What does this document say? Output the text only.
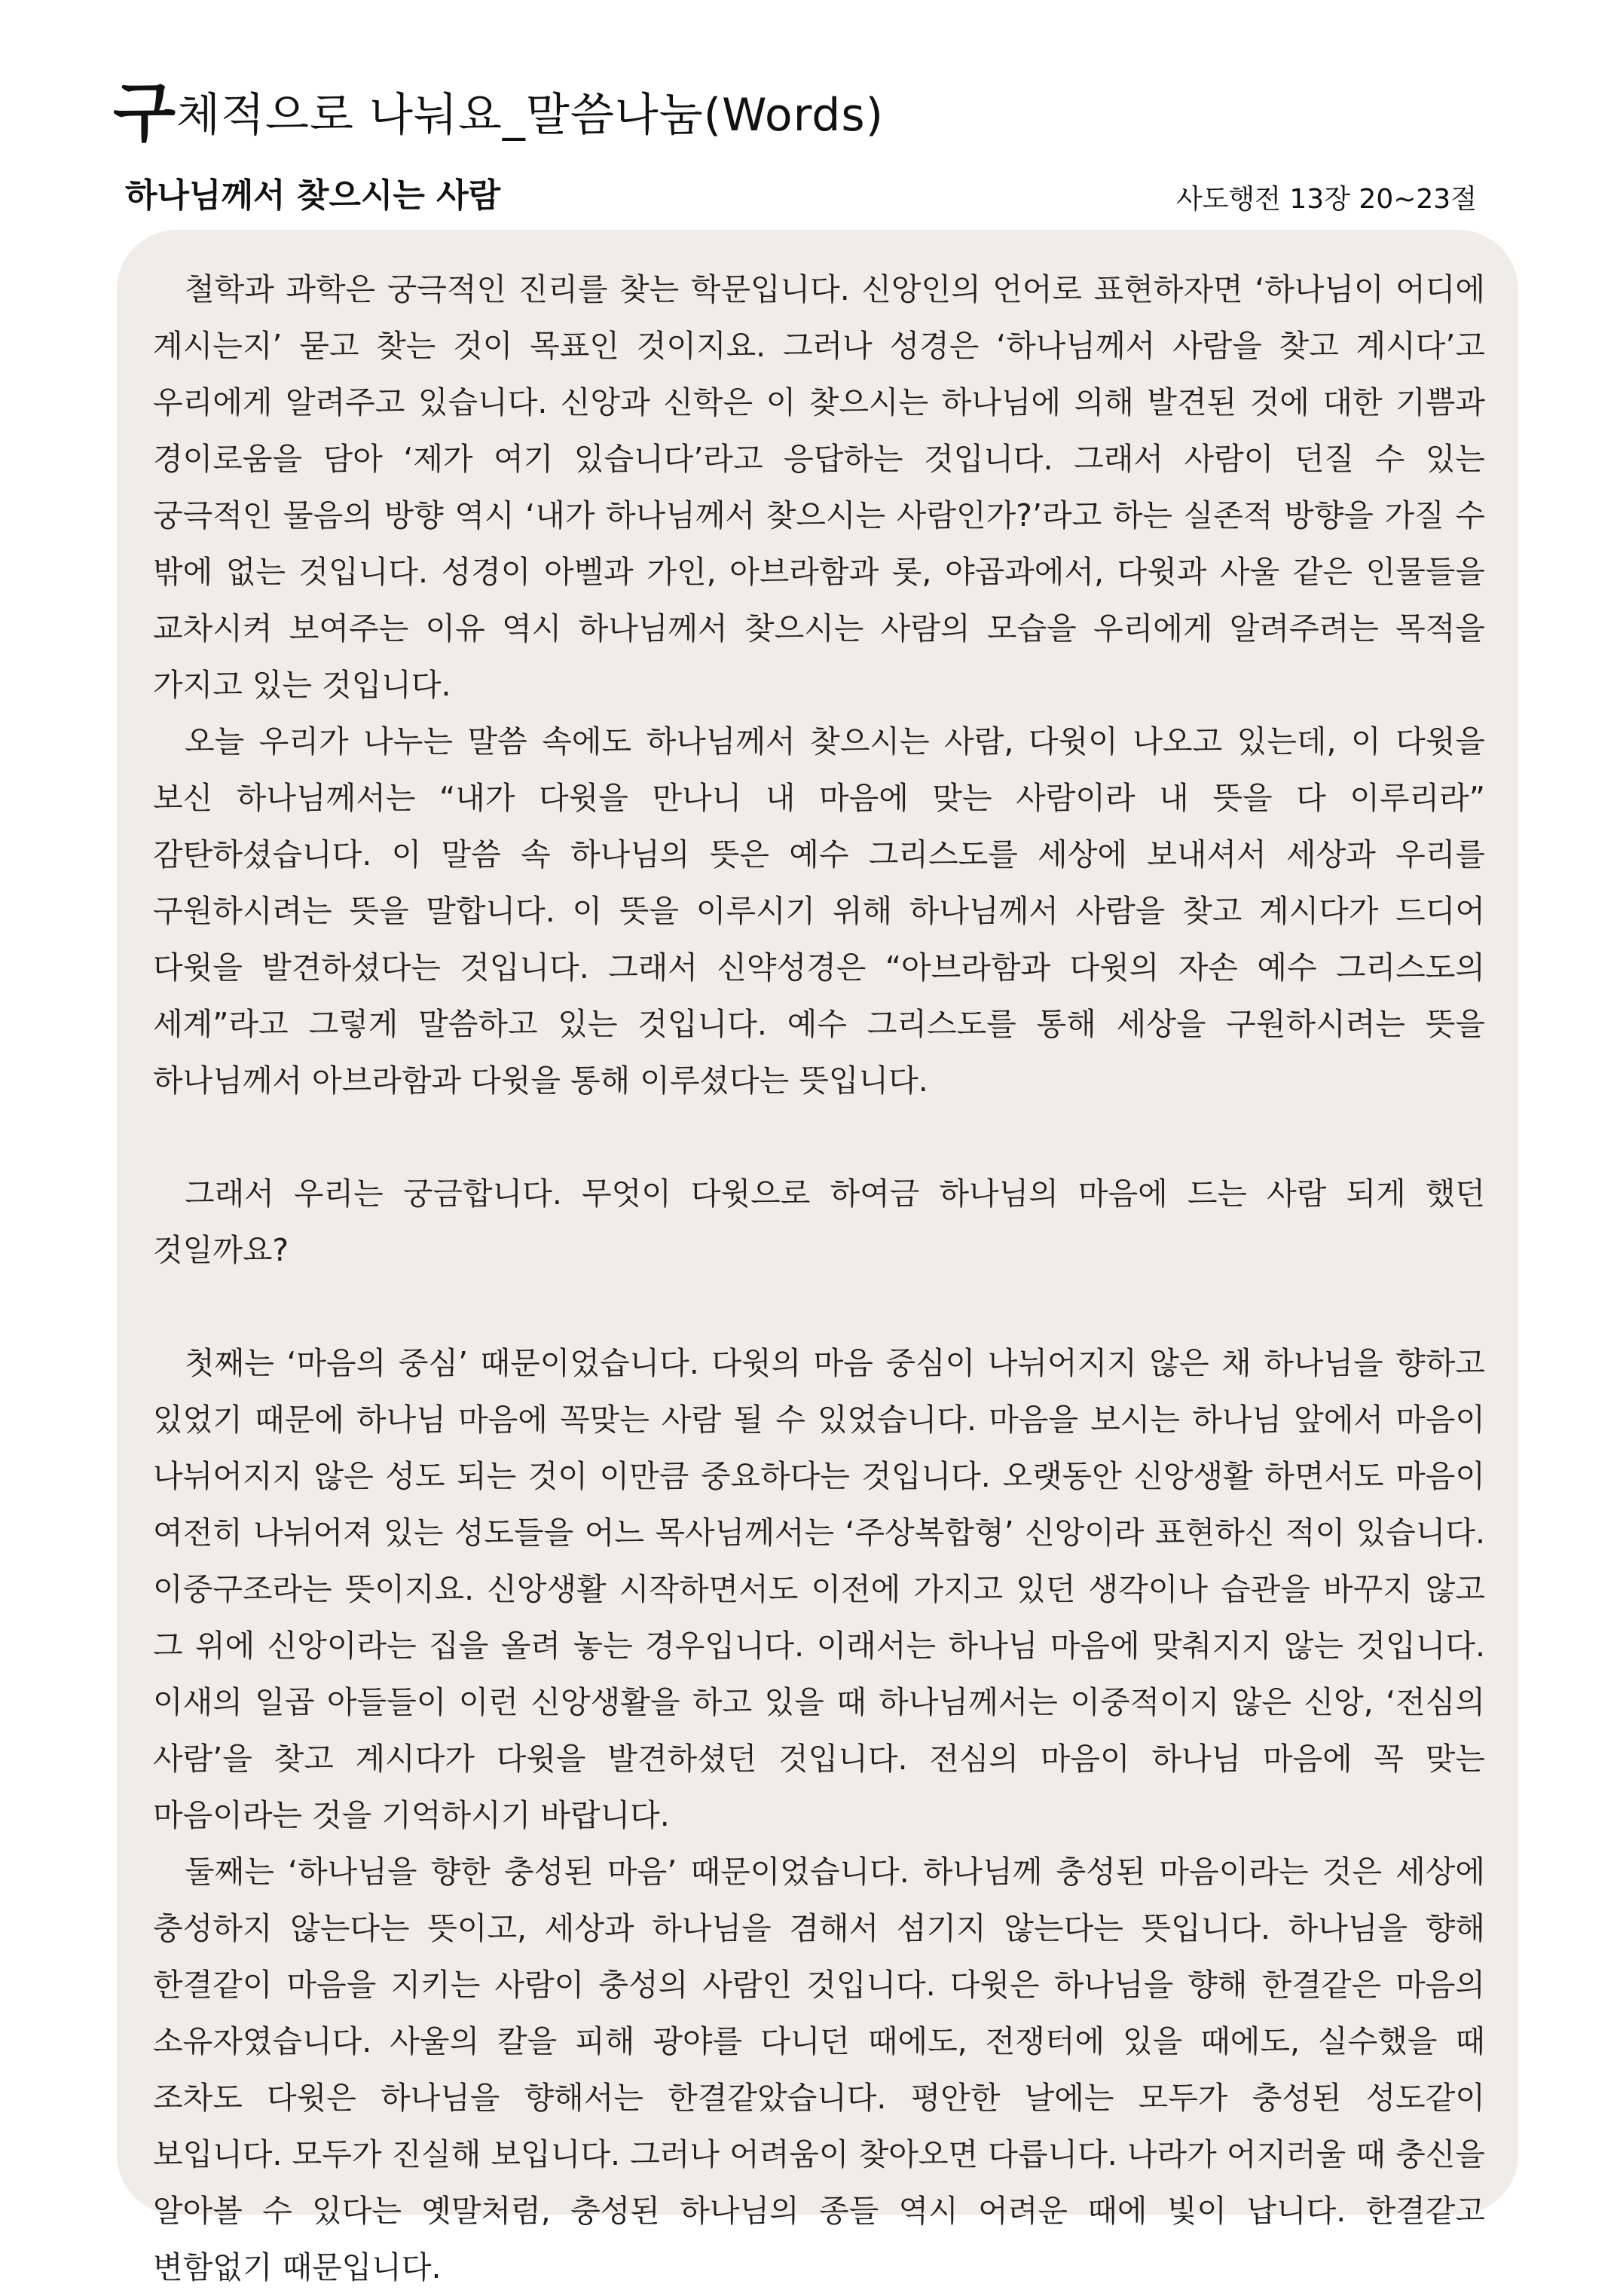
구체적으로 나눠요_말씀나눔(Words)
하나님께서 찾으시는 사람	사도행전 13장 20~23절

철학과 과학은 궁극적인 진리를 찾는 학문입니다. 신앙인의 언어로 표현하자면 ‘하나님이 어디에 계시는지’ 묻고 찾는 것이 목표인 것이지요. 그러나 성경은 ‘하나님께서 사람을 찾고 계시다’고 우리에게 알려주고 있습니다. 신앙과 신학은 이 찾으시는 하나님에 의해 발견된 것에 대한 기쁨과 경이로움을 담아 ‘제가 여기 있습니다’라고 응답하는 것입니다. 그래서 사람이 던질 수 있는 궁극적인 물음의 방향 역시 ‘내가 하나님께서 찾으시는 사람인가?’라고 하는 실존적 방향을 가질 수 밖에 없는 것입니다. 성경이 아벨과 가인, 아브라함과 롯, 야곱과에서, 다윗과 사울 같은 인물들을 교차시켜 보여주는 이유 역시 하나님께서 찾으시는 사람의 모습을 우리에게 알려주려는 목적을 가지고 있는 것입니다.

오늘 우리가 나누는 말씀 속에도 하나님께서 찾으시는 사람, 다윗이 나오고 있는데, 이 다윗을 보신 하나님께서는 “내가 다윗을 만나니 내 마음에 맞는 사람이라 내 뜻을 다 이루리라” 감탄하셨습니다. 이 말씀 속 하나님의 뜻은 예수 그리스도를 세상에 보내셔서 세상과 우리를 구원하시려는 뜻을 말합니다. 이 뜻을 이루시기 위해 하나님께서 사람을 찾고 계시다가 드디어 다윗을 발견하셨다는 것입니다. 그래서 신약성경은 “아브라함과 다윗의 자손 예수 그리스도의 세계”라고 그렇게 말씀하고 있는 것입니다. 예수 그리스도를 통해 세상을 구원하시려는 뜻을 하나님께서 아브라함과 다윗을 통해 이루셨다는 뜻입니다.

그래서 우리는 궁금합니다. 무엇이 다윗으로 하여금 하나님의 마음에 드는 사람 되게 했던 것일까요?

첫째는 ‘마음의 중심’ 때문이었습니다. 다윗의 마음 중심이 나뉘어지지 않은 채 하나님을 향하고 있었기 때문에 하나님 마음에 꼭맞는 사람 될 수 있었습니다. 마음을 보시는 하나님 앞에서 마음이 나뉘어지지 않은 성도 되는 것이 이만큼 중요하다는 것입니다. 오랫동안 신앙생활 하면서도 마음이 여전히 나뉘어져 있는 성도들을 어느 목사님께서는 ‘주상복합형’ 신앙이라 표현하신 적이 있습니다. 이중구조라는 뜻이지요. 신앙생활 시작하면서도 이전에 가지고 있던 생각이나 습관을 바꾸지 않고 그 위에 신앙이라는 집을 올려 놓는 경우입니다. 이래서는 하나님 마음에 맞춰지지 않는 것입니다. 이새의 일곱 아들들이 이런 신앙생활을 하고 있을 때 하나님께서는 이중적이지 않은 신앙, ‘전심의 사람’을 찾고 계시다가 다윗을 발견하셨던 것입니다. 전심의 마음이 하나님 마음에 꼭 맞는 마음이라는 것을 기억하시기 바랍니다.

둘째는 ‘하나님을 향한 충성된 마음’ 때문이었습니다. 하나님께 충성된 마음이라는 것은 세상에 충성하지 않는다는 뜻이고, 세상과 하나님을 겸해서 섬기지 않는다는 뜻입니다. 하나님을 향해 한결같이 마음을 지키는 사람이 충성의 사람인 것입니다. 다윗은 하나님을 향해 한결같은 마음의 소유자였습니다. 사울의 칼을 피해 광야를 다니던 때에도, 전쟁터에 있을 때에도, 실수했을 때 조차도 다윗은 하나님을 향해서는 한결같았습니다. 평안한 날에는 모두가 충성된 성도같이 보입니다. 모두가 진실해 보입니다. 그러나 어려움이 찾아오면 다릅니다. 나라가 어지러울 때 충신을 알아볼 수 있다는 옛말처럼, 충성된 하나님의 종들 역시 어려운 때에 빛이 납니다. 한결같고 변함없기 때문입니다.
